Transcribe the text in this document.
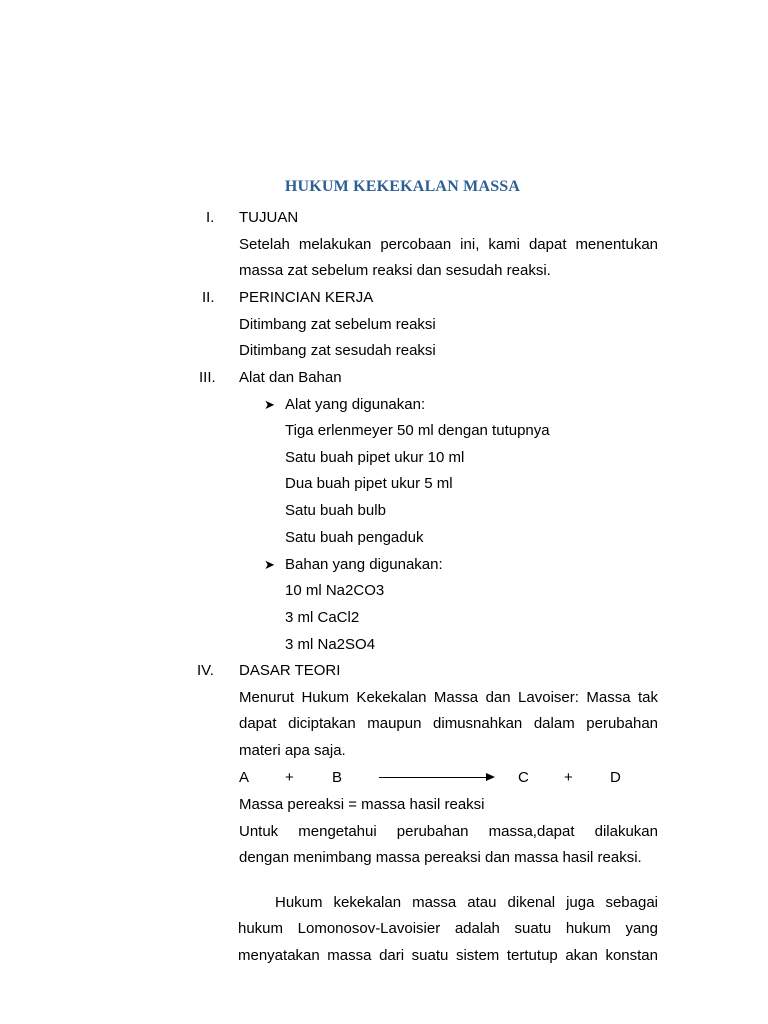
HUKUM KEKEKALAN MASSA
I. TUJUAN
Setelah melakukan percobaan ini, kami dapat menentukan
massa zat sebelum reaksi dan sesudah reaksi.
II. PERINCIAN KERJA
Ditimbang zat sebelum reaksi
Ditimbang zat sesudah reaksi
III. Alat dan Bahan
➤ Alat yang digunakan:
Tiga erlenmeyer 50 ml dengan tutupnya
Satu buah pipet ukur 10 ml
Dua buah pipet ukur 5 ml
Satu buah bulb
Satu buah pengaduk
➤ Bahan yang digunakan:
10 ml Na2CO3
3 ml CaCl2
3 ml Na2SO4
IV. DASAR TEORI
Menurut Hukum Kekekalan Massa dan Lavoiser: Massa tak
dapat diciptakan maupun dimusnahkan dalam perubahan
materi apa saja.
A +	B	C + D
Massa pereaksi = massa hasil reaksi
Untuk mengetahui perubahan massa,dapat dilakukan
dengan menimbang massa pereaksi dan massa hasil reaksi.
Hukum kekekalan massa atau dikenal juga sebagai
hukum Lomonosov-Lavoisier adalah suatu hukum yang
menyatakan massa dari suatu sistem tertutup akan konstan
